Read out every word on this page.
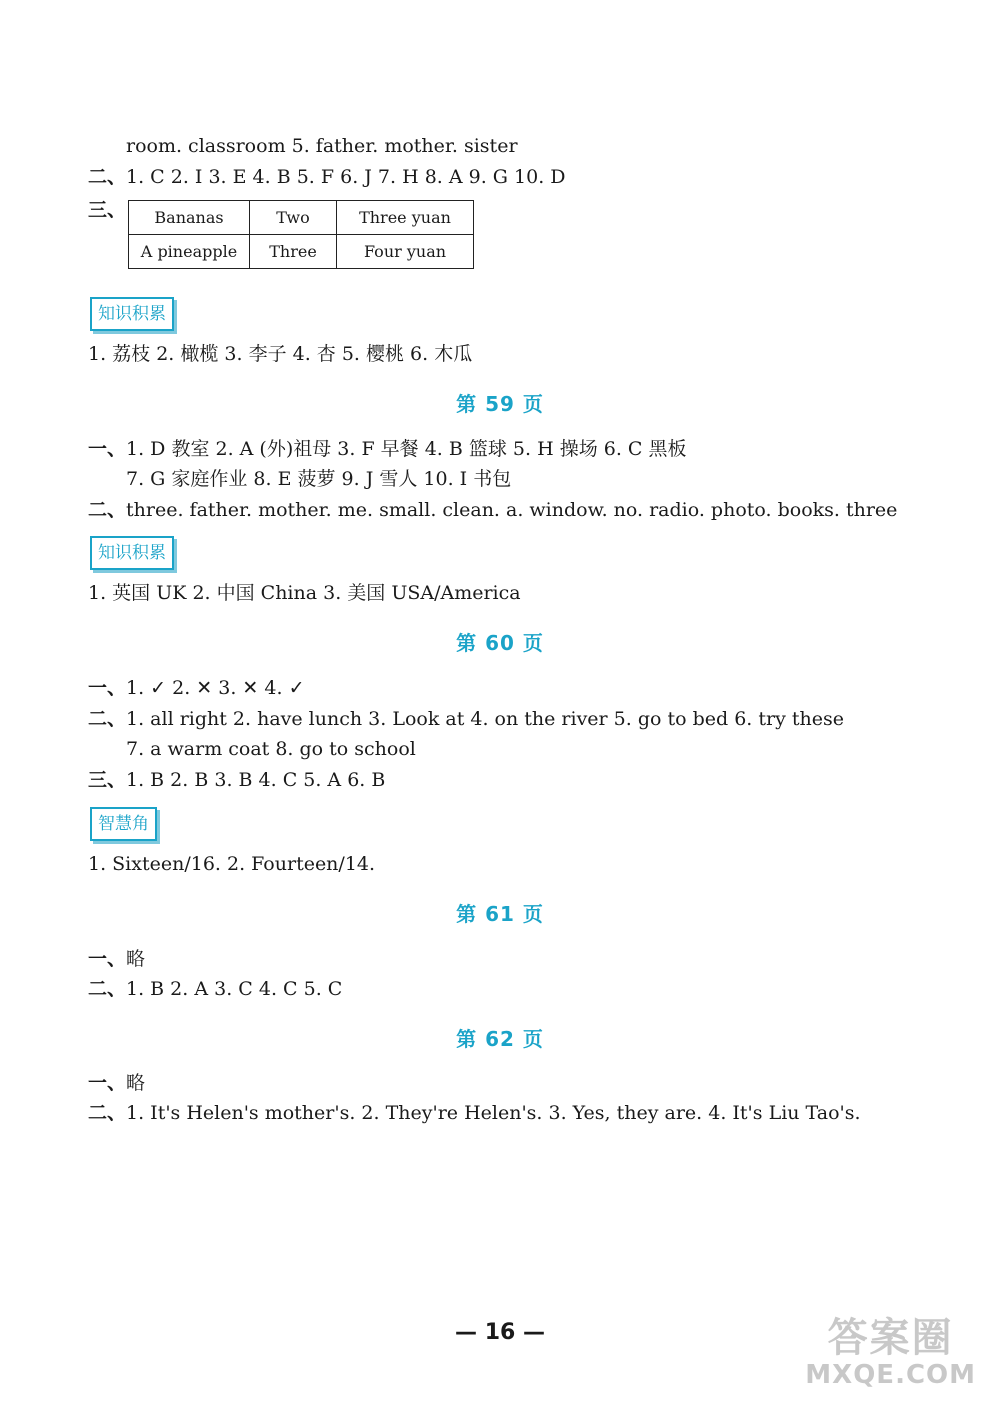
room. classroom 5. father. mother. sister
二、1. C 2. I 3. E 4. B 5. F 6. J 7. H 8. A 9. G 10. D
三、 Bananas	Two	Three yuan
A pineapple	Three	Four yuan
知识积累
1. 荔枝 2. 橄榄 3. 李子 4. 杏 5. 樱桃 6. 木瓜
第 59 页
一、1. D 教室 2. A (外)祖母 3. F 早餐 4. B 篮球 5. H 操场 6. C 黑板
7. G 家庭作业 8. E 菠萝 9. J 雪人 10. I 书包
二、three. father. mother. me. small. clean. a. window. no. radio. photo. books. three
知识积累
1. 英国 UK 2. 中国 China 3. 美国 USA/America
第 60 页
一、1. ✓ 2. ✕ 3. ✕ 4. ✓
二、1. all right 2. have lunch 3. Look at 4. on the river 5. go to bed 6. try these
7. a warm coat 8. go to school
三、1. B 2. B 3. B 4. C 5. A 6. B
智慧角
1. Sixteen/16. 2. Fourteen/14.
第 61 页
一、略
二、1. B 2. A 3. C 4. C 5. C
第 62 页
一、略
二、1. It's Helen's mother's. 2. They're Helen's. 3. Yes, they are. 4. It's Liu Tao's.
— 16 —	答案圈
MXQE.COM
